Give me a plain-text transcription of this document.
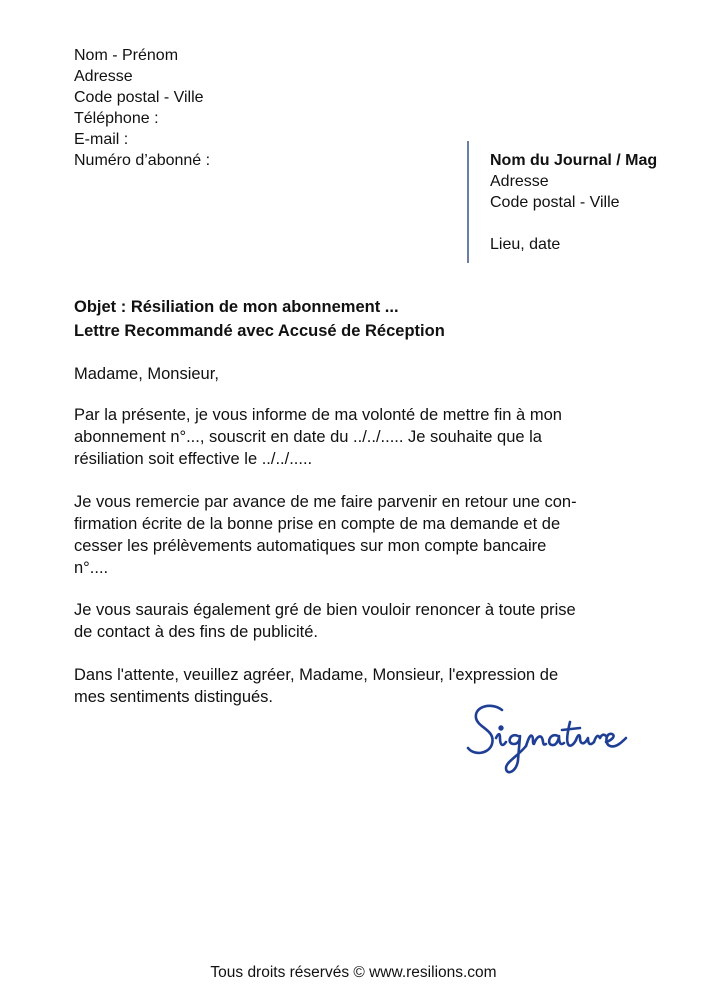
Nom - Prénom
Adresse
Code postal - Ville
Téléphone :
E-mail :
Numéro d’abonné :	Nom du Journal / Mag
Adresse
Code postal - Ville
Lieu, date
Objet : Résiliation de mon abonnement ...
Lettre Recommandé avec Accusé de Réception

Madame, Monsieur,

Par la présente, je vous informe de ma volonté de mettre fin à mon
abonnement n°..., souscrit en date du ../../..... Je souhaite que la
résiliation soit effective le ../../.....

Je vous remercie par avance de me faire parvenir en retour une con-
firmation écrite de la bonne prise en compte de ma demande et de
cesser les prélèvements automatiques sur mon compte bancaire
n°....

Je vous saurais également gré de bien vouloir renoncer à toute prise
de contact à des fins de publicité.

Dans l'attente, veuillez agréer, Madame, Monsieur, l'expression de
mes sentiments distingués.

Tous droits réservés © www.resilions.com
